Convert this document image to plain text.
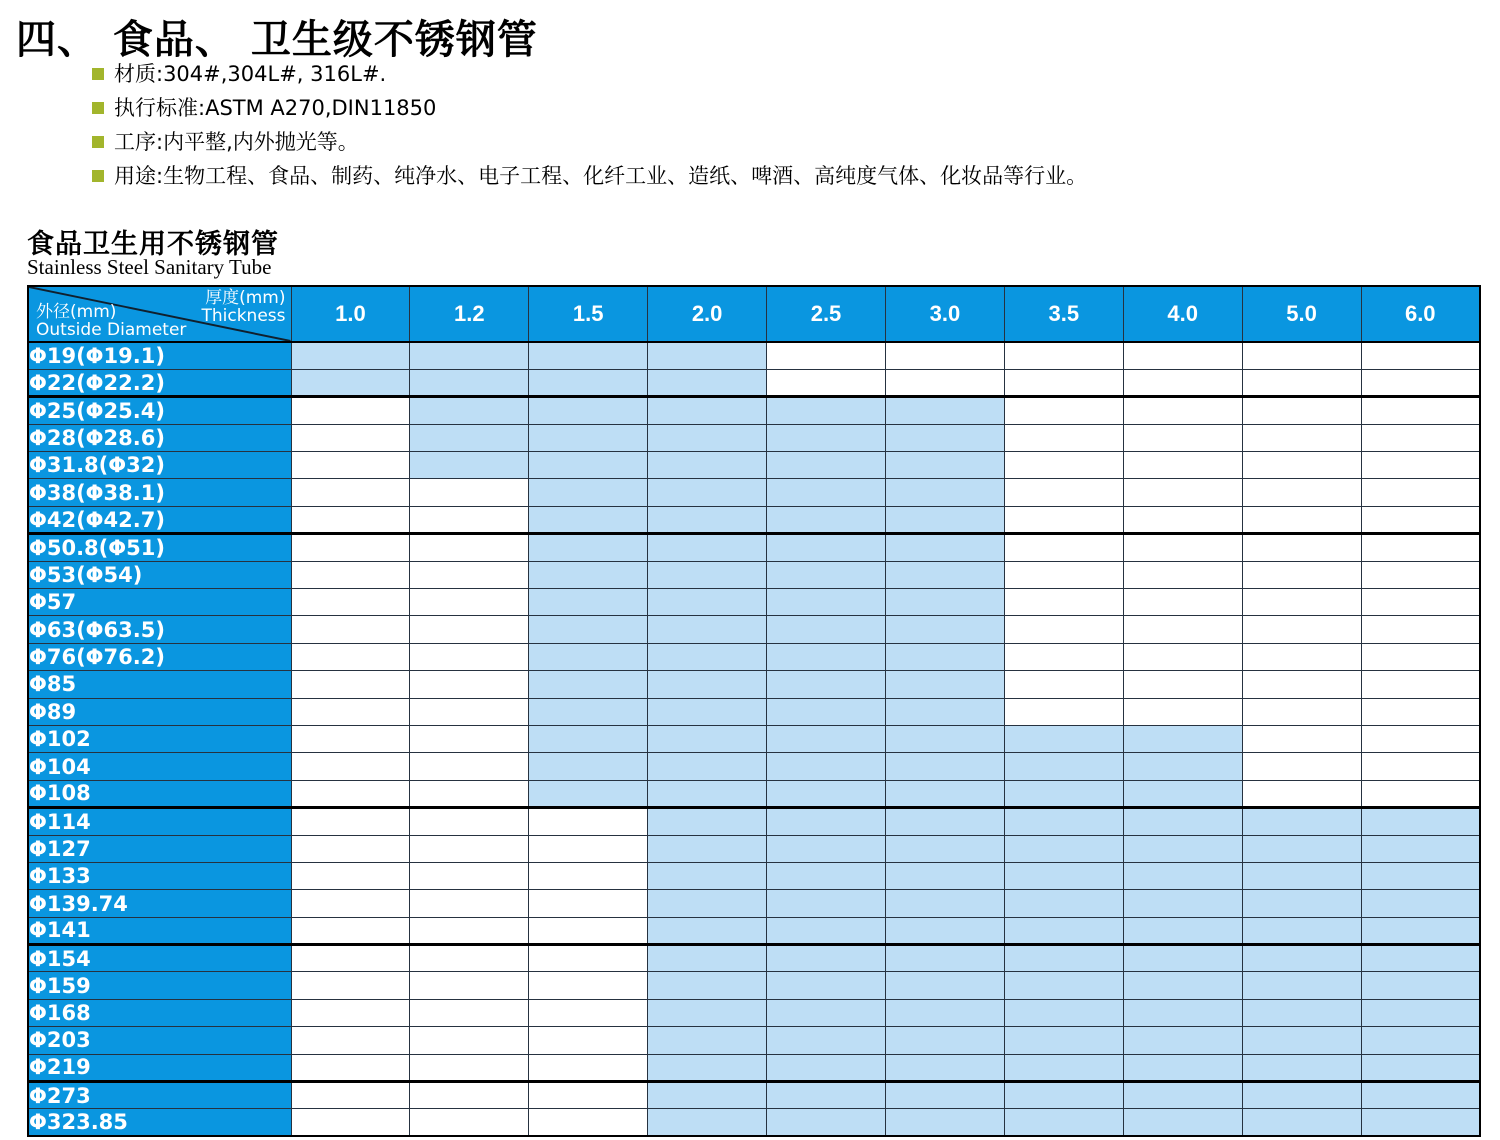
四、 食品、 卫生级不锈钢管
材质:304#,304L#, 316L#.
执行标准:ASTM A270,DIN11850
工序:内平整,内外抛光等。
用途:生物工程、食品、制药、纯净水、电子工程、化纤工业、造纸、啤酒、高纯度气体、化妆品等行业。
食品卫生用不锈钢管
Stainless Steel Sanitary Tube
厚度(mm)
Thickness
外径(mm)
Outside Diameter	1.0	1.2	1.5	2.0	2.5	3.0	3.5	4.0	5.0	6.0
Φ19(Φ19.1)										
Φ22(Φ22.2)										
Φ25(Φ25.4)										
Φ28(Φ28.6)										
Φ31.8(Φ32)										
Φ38(Φ38.1)										
Φ42(Φ42.7)										
Φ50.8(Φ51)										
Φ53(Φ54)										
Φ57										
Φ63(Φ63.5)										
Φ76(Φ76.2)										
Φ85										
Φ89										
Φ102										
Φ104										
Φ108										
Φ114										
Φ127										
Φ133										
Φ139.74										
Φ141										
Φ154										
Φ159										
Φ168										
Φ203										
Φ219										
Φ273										
Φ323.85										
